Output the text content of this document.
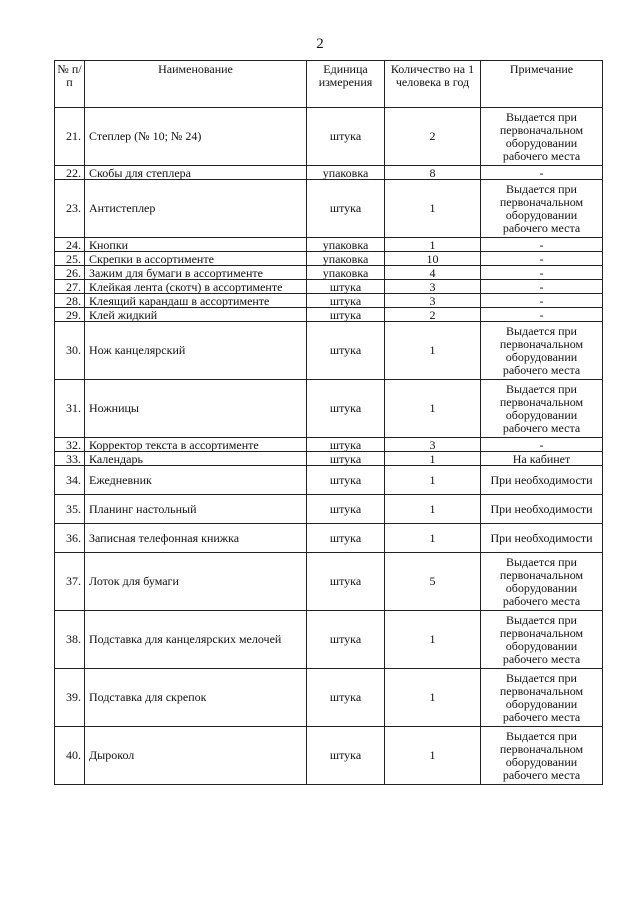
2
№ п/п	Наименование	Единица измерения	Количество на 1 человека в год	Примечание
21.	Степлер (№ 10; № 24)	штука	2	Выдается при первоначальном оборудовании рабочего места
22.	Скобы для степлера	упаковка	8	-
23.	Антистеплер	штука	1	Выдается при первоначальном оборудовании рабочего места
24.	Кнопки	упаковка	1	-
25.	Скрепки в ассортименте	упаковка	10	-
26.	Зажим для бумаги в ассортименте	упаковка	4	-
27.	Клейкая лента (скотч) в ассортименте	штука	3	-
28.	Клеящий карандаш в ассортименте	штука	3	-
29.	Клей жидкий	штука	2	-
30.	Нож канцелярский	штука	1	Выдается при первоначальном оборудовании рабочего места
31.	Ножницы	штука	1	Выдается при первоначальном оборудовании рабочего места
32.	Корректор текста в ассортименте	штука	3	-
33.	Календарь	штука	1	На кабинет
34.	Ежедневник	штука	1	При необходимости
35.	Планинг настольный	штука	1	При необходимости
36.	Записная телефонная книжка	штука	1	При необходимости
37.	Лоток для бумаги	штука	5	Выдается при первоначальном оборудовании рабочего места
38.	Подставка для канцелярских мелочей	штука	1	Выдается при первоначальном оборудовании рабочего места
39.	Подставка для скрепок	штука	1	Выдается при первоначальном оборудовании рабочего места
40.	Дырокол	штука	1	Выдается при первоначальном оборудовании рабочего места
